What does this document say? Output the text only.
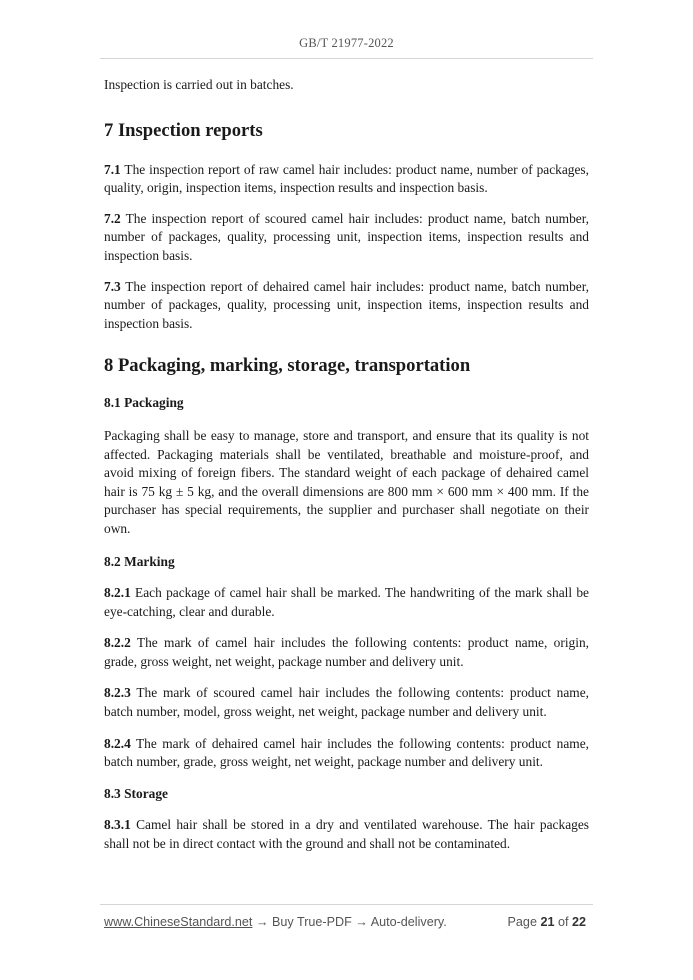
GB/T 21977-2022

Inspection is carried out in batches.

7 Inspection reports

7.1 The inspection report of raw camel hair includes: product name, number of packages, quality, origin, inspection items, inspection results and inspection basis.

7.2 The inspection report of scoured camel hair includes: product name, batch number, number of packages, quality, processing unit, inspection items, inspection results and inspection basis.

7.3 The inspection report of dehaired camel hair includes: product name, batch number, number of packages, quality, processing unit, inspection items, inspection results and inspection basis.

8 Packaging, marking, storage, transportation
8.1 Packaging

Packaging shall be easy to manage, store and transport, and ensure that its quality is not affected. Packaging materials shall be ventilated, breathable and moisture-proof, and avoid mixing of foreign fibers. The standard weight of each package of dehaired camel hair is 75 kg ± 5 kg, and the overall dimensions are 800 mm × 600 mm × 400 mm. If the purchaser has special requirements, the supplier and purchaser shall negotiate on their own.

8.2 Marking

8.2.1 Each package of camel hair shall be marked. The handwriting of the mark shall be eye-catching, clear and durable.

8.2.2 The mark of camel hair includes the following contents: product name, origin, grade, gross weight, net weight, package number and delivery unit.

8.2.3 The mark of scoured camel hair includes the following contents: product name, batch number, model, gross weight, net weight, package number and delivery unit.

8.2.4 The mark of dehaired camel hair includes the following contents: product name, batch number, grade, gross weight, net weight, package number and delivery unit.

8.3 Storage

8.3.1 Camel hair shall be stored in a dry and ventilated warehouse. The hair packages shall not be in direct contact with the ground and shall not be contaminated.

www.ChineseStandard.net → Buy True-PDF → Auto-delivery.	Page 21 of 22
